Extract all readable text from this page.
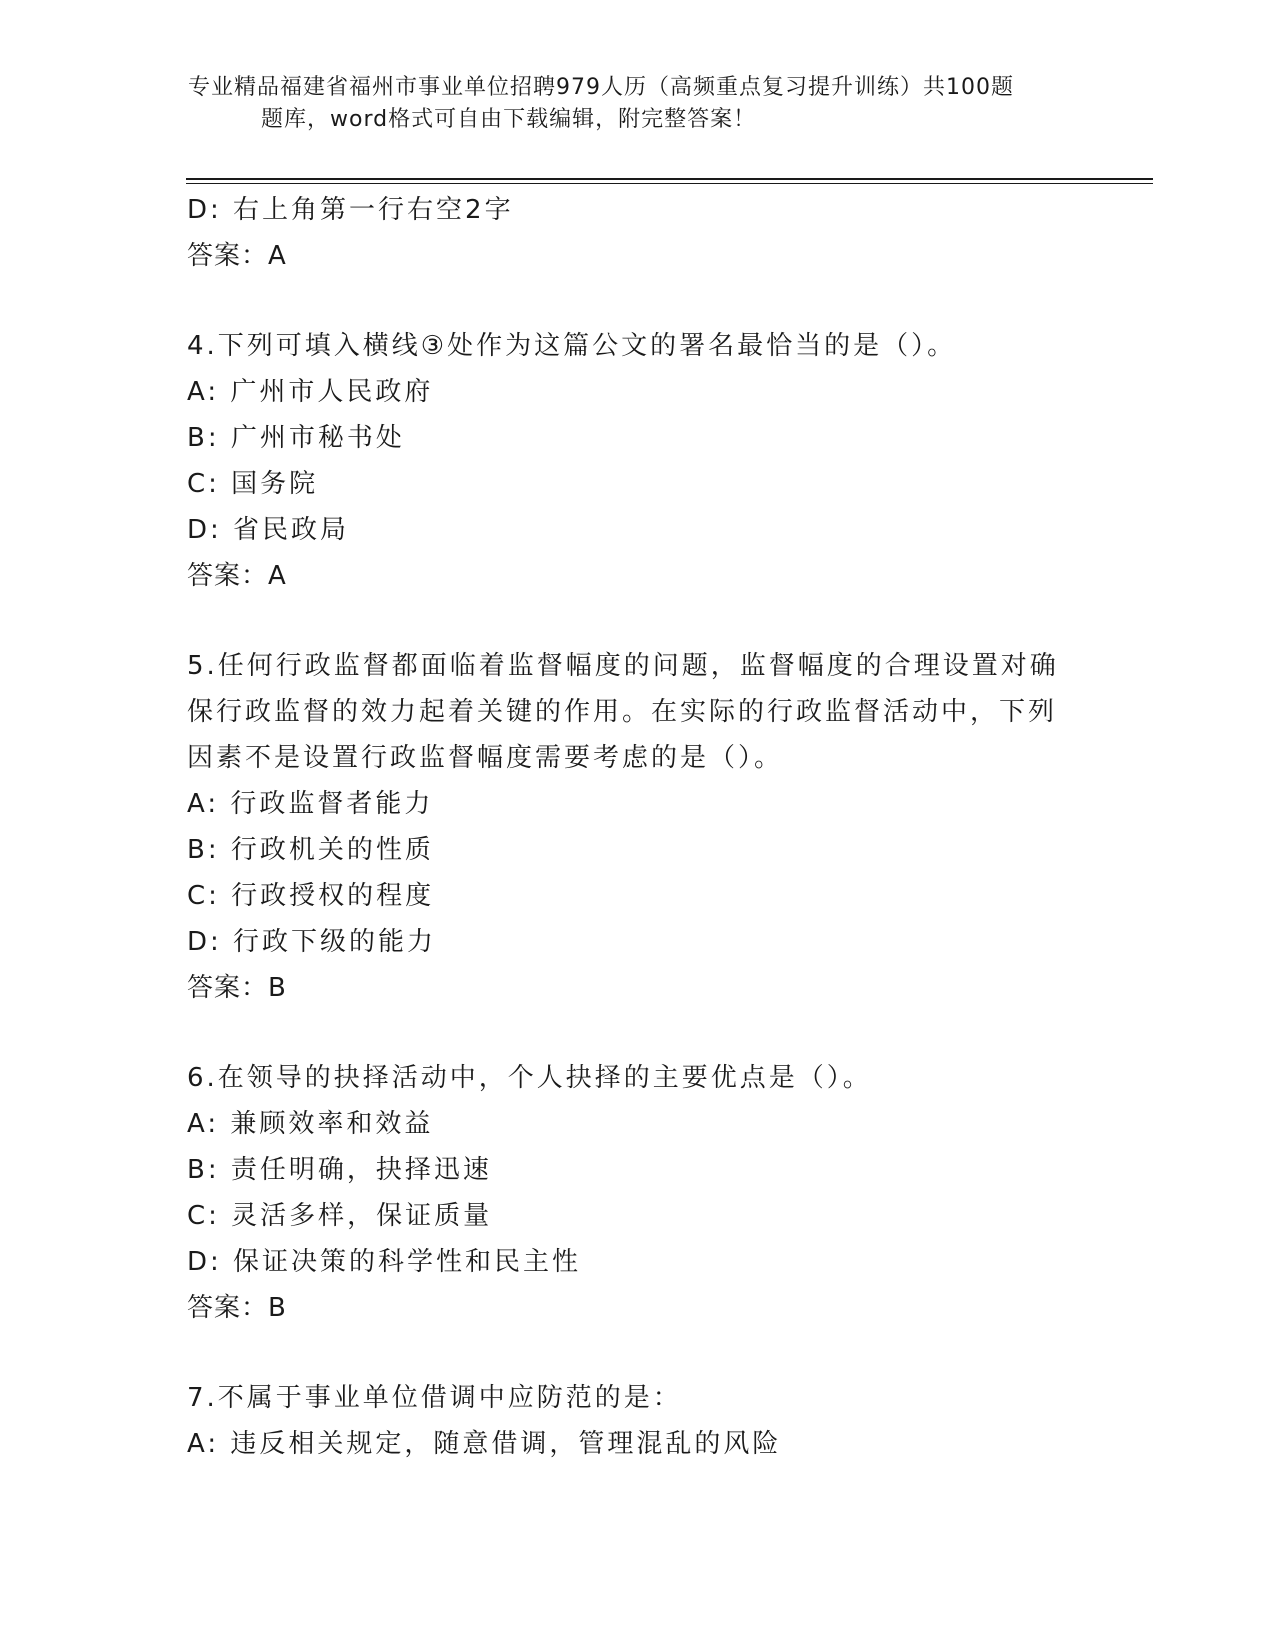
专业精品福建省福州市事业单位招聘979人历（高频重点复习提升训练）共100题
题库，word格式可自由下载编辑，附完整答案！
D: 右上角第一行右空2字
答案：A
4.下列可填入横线③处作为这篇公文的署名最恰当的是（）。
A: 广州市人民政府
B: 广州市秘书处
C: 国务院
D: 省民政局
答案：A
5.任何行政监督都面临着监督幅度的问题，监督幅度的合理设置对确
保行政监督的效力起着关键的作用。在实际的行政监督活动中，下列
因素不是设置行政监督幅度需要考虑的是（）。
A: 行政监督者能力
B: 行政机关的性质
C: 行政授权的程度
D: 行政下级的能力
答案：B
6.在领导的抉择活动中，个人抉择的主要优点是（）。
A: 兼顾效率和效益
B: 责任明确，抉择迅速
C: 灵活多样，保证质量
D: 保证决策的科学性和民主性
答案：B
7.不属于事业单位借调中应防范的是：
A: 违反相关规定，随意借调，管理混乱的风险
